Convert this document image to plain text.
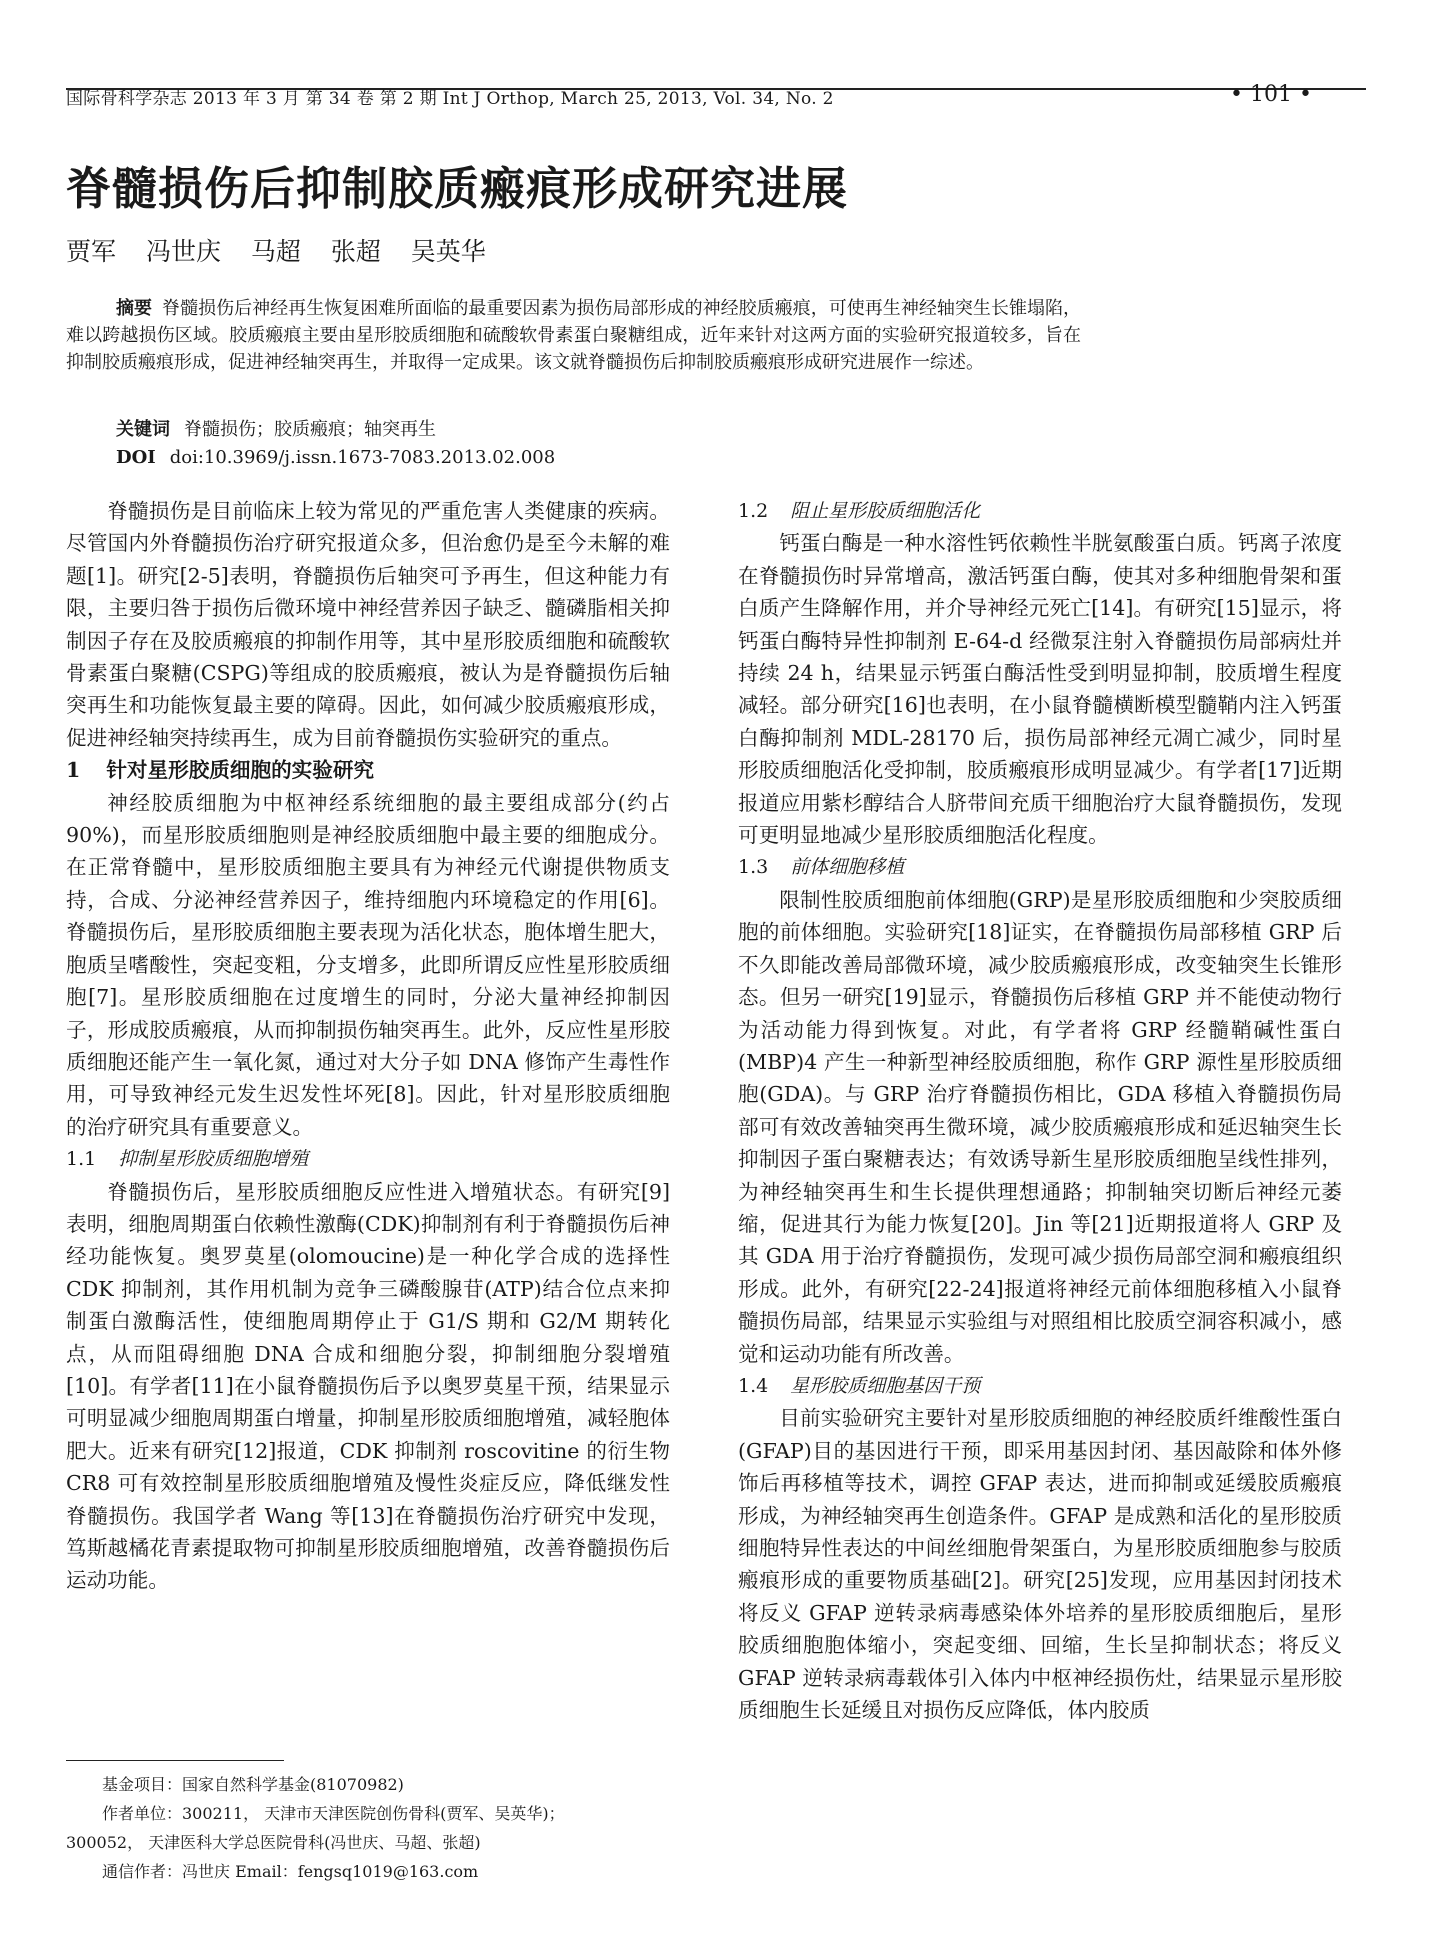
国际骨科学杂志 2013 年 3 月 第 34 卷 第 2 期 Int J Orthop, March 25, 2013, Vol. 34, No. 2	• 101 •
脊髓损伤后抑制胶质瘢痕形成研究进展
贾军 冯世庆 马超 张超 吴英华

摘要 脊髓损伤后神经再生恢复困难所面临的最重要因素为损伤局部形成的神经胶质瘢痕，可使再生神经轴突生长锥塌陷，难以跨越损伤区域。胶质瘢痕主要由星形胶质细胞和硫酸软骨素蛋白聚糖组成，近年来针对这两方面的实验研究报道较多，旨在抑制胶质瘢痕形成，促进神经轴突再生，并取得一定成果。该文就脊髓损伤后抑制胶质瘢痕形成研究进展作一综述。

关键词 脊髓损伤；胶质瘢痕；轴突再生
DOI doi:10.3969/j.issn.1673-7083.2013.02.008

脊髓损伤是目前临床上较为常见的严重危害人类健康的疾病。尽管国内外脊髓损伤治疗研究报道众多，但治愈仍是至今未解的难题[1]。研究[2-5]表明，脊髓损伤后轴突可予再生，但这种能力有限，主要归咎于损伤后微环境中神经营养因子缺乏、髓磷脂相关抑制因子存在及胶质瘢痕的抑制作用等，其中星形胶质细胞和硫酸软骨素蛋白聚糖(CSPG)等组成的胶质瘢痕，被认为是脊髓损伤后轴突再生和功能恢复最主要的障碍。因此，如何减少胶质瘢痕形成，促进神经轴突持续再生，成为目前脊髓损伤实验研究的重点。

1 针对星形胶质细胞的实验研究

神经胶质细胞为中枢神经系统细胞的最主要组成部分(约占 90%)，而星形胶质细胞则是神经胶质细胞中最主要的细胞成分。在正常脊髓中，星形胶质细胞主要具有为神经元代谢提供物质支持，合成、分泌神经营养因子，维持细胞内环境稳定的作用[6]。脊髓损伤后，星形胶质细胞主要表现为活化状态，胞体增生肥大，胞质呈嗜酸性，突起变粗，分支增多，此即所谓反应性星形胶质细胞[7]。星形胶质细胞在过度增生的同时，分泌大量神经抑制因子，形成胶质瘢痕，从而抑制损伤轴突再生。此外，反应性星形胶质细胞还能产生一氧化氮，通过对大分子如 DNA 修饰产生毒性作用，可导致神经元发生迟发性坏死[8]。因此，针对星形胶质细胞的治疗研究具有重要意义。

1.1 抑制星形胶质细胞增殖

脊髓损伤后，星形胶质细胞反应性进入增殖状态。有研究[9]表明，细胞周期蛋白依赖性激酶(CDK)抑制剂有利于脊髓损伤后神经功能恢复。奥罗莫星(olomoucine)是一种化学合成的选择性 CDK 抑制剂，其作用机制为竞争三磷酸腺苷(ATP)结合位点来抑制蛋白激酶活性，使细胞周期停止于 G1/S 期和 G2/M 期转化点，从而阻碍细胞 DNA 合成和细胞分裂，抑制细胞分裂增殖[10]。有学者[11]在小鼠脊髓损伤后予以奥罗莫星干预，结果显示可明显减少细胞周期蛋白增量，抑制星形胶质细胞增殖，减轻胞体肥大。近来有研究[12]报道，CDK 抑制剂 roscovitine 的衍生物 CR8 可有效控制星形胶质细胞增殖及慢性炎症反应，降低继发性脊髓损伤。我国学者 Wang 等[13]在脊髓损伤治疗研究中发现，笃斯越橘花青素提取物可抑制星形胶质细胞增殖，改善脊髓损伤后运动功能。

1.2 阻止星形胶质细胞活化

钙蛋白酶是一种水溶性钙依赖性半胱氨酸蛋白质。钙离子浓度在脊髓损伤时异常增高，激活钙蛋白酶，使其对多种细胞骨架和蛋白质产生降解作用，并介导神经元死亡[14]。有研究[15]显示，将钙蛋白酶特异性抑制剂 E-64-d 经微泵注射入脊髓损伤局部病灶并持续 24 h，结果显示钙蛋白酶活性受到明显抑制，胶质增生程度减轻。部分研究[16]也表明，在小鼠脊髓横断模型髓鞘内注入钙蛋白酶抑制剂 MDL-28170 后，损伤局部神经元凋亡减少，同时星形胶质细胞活化受抑制，胶质瘢痕形成明显减少。有学者[17]近期报道应用紫杉醇结合人脐带间充质干细胞治疗大鼠脊髓损伤，发现可更明显地减少星形胶质细胞活化程度。

1.3 前体细胞移植

限制性胶质细胞前体细胞(GRP)是星形胶质细胞和少突胶质细胞的前体细胞。实验研究[18]证实，在脊髓损伤局部移植 GRP 后不久即能改善局部微环境，减少胶质瘢痕形成，改变轴突生长锥形态。但另一研究[19]显示，脊髓损伤后移植 GRP 并不能使动物行为活动能力得到恢复。对此，有学者将 GRP 经髓鞘碱性蛋白(MBP)4 产生一种新型神经胶质细胞，称作 GRP 源性星形胶质细胞(GDA)。与 GRP 治疗脊髓损伤相比，GDA 移植入脊髓损伤局部可有效改善轴突再生微环境，减少胶质瘢痕形成和延迟轴突生长抑制因子蛋白聚糖表达；有效诱导新生星形胶质细胞呈线性排列，为神经轴突再生和生长提供理想通路；抑制轴突切断后神经元萎缩，促进其行为能力恢复[20]。Jin 等[21]近期报道将人 GRP 及其 GDA 用于治疗脊髓损伤，发现可减少损伤局部空洞和瘢痕组织形成。此外，有研究[22-24]报道将神经元前体细胞移植入小鼠脊髓损伤局部，结果显示实验组与对照组相比胶质空洞容积减小，感觉和运动功能有所改善。

1.4 星形胶质细胞基因干预

目前实验研究主要针对星形胶质细胞的神经胶质纤维酸性蛋白(GFAP)目的基因进行干预，即采用基因封闭、基因敲除和体外修饰后再移植等技术，调控 GFAP 表达，进而抑制或延缓胶质瘢痕形成，为神经轴突再生创造条件。GFAP 是成熟和活化的星形胶质细胞特异性表达的中间丝细胞骨架蛋白，为星形胶质细胞参与胶质瘢痕形成的重要物质基础[2]。研究[25]发现，应用基因封闭技术将反义 GFAP 逆转录病毒感染体外培养的星形胶质细胞后，星形胶质细胞胞体缩小，突起变细、回缩，生长呈抑制状态；将反义 GFAP 逆转录病毒载体引入体内中枢神经损伤灶，结果显示星形胶质细胞生长延缓且对损伤反应降低，体内胶质

基金项目：国家自然科学基金(81070982)
作者单位：300211， 天津市天津医院创伤骨科(贾军、吴英华)；
300052， 天津医科大学总医院骨科(冯世庆、马超、张超)
通信作者：冯世庆 Email：fengsq1019@163.com
